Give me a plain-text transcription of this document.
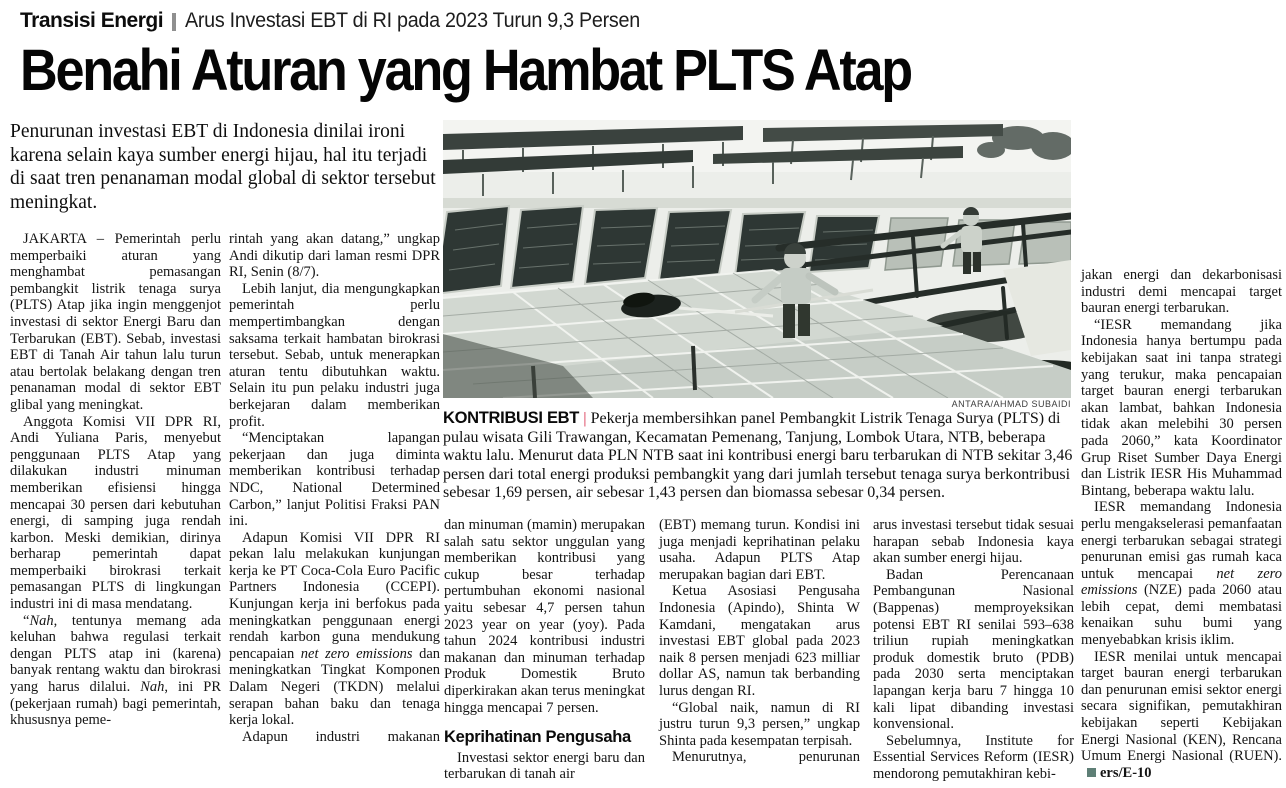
Transisi Energi Arus Investasi EBT di RI pada 2023 Turun 9,3 Persen
Benahi Aturan yang Hambat PLTS Atap
Penurunan investasi EBT di Indonesia dinilai ironi karena selain kaya sumber energi hijau, hal itu terjadi di saat tren penanaman modal global di sektor tersebut meningkat.

JAKARTA – Pemerintah perlu memperbaiki aturan yang menghambat pemasangan pembangkit listrik tenaga surya (PLTS) Atap jika ingin menggenjot investasi di sektor Energi Baru dan Terbarukan (EBT). Sebab, investasi EBT di Tanah Air tahun lalu turun atau bertolak belakang dengan tren penanaman modal di sektor EBT glibal yang meningkat.

Anggota Komisi VII DPR RI, Andi Yuliana Paris, menyebut penggunaan PLTS Atap yang dilakukan industri minuman memberikan efisiensi hingga mencapai 30 persen dari kebutuhan energi, di samping juga rendah karbon. Meski demikian, dirinya berharap pemerintah dapat memperbaiki birokrasi terkait pemasangan PLTS di lingkungan industri ini di masa mendatang.

“Nah, tentunya memang ada keluhan bahwa regulasi terkait dengan PLTS atap ini (karena) banyak rentang waktu dan birokrasi yang harus dilalui. Nah, ini PR (pekerjaan rumah) bagi pemerintah, khususnya peme-

rintah yang akan datang,” ungkap Andi dikutip dari laman resmi DPR RI, Senin (8/7).

Lebih lanjut, dia mengungkapkan pemerintah perlu mempertimbangkan dengan saksama terkait hambatan birokrasi tersebut. Sebab, untuk menerapkan aturan tentu dibutuhkan waktu. Selain itu pun pelaku industri juga berkejaran dalam memberikan profit.

“Menciptakan lapangan pekerjaan dan juga diminta memberikan kontribusi terhadap NDC, National Determined Carbon,” lanjut Politisi Fraksi PAN ini.

Adapun Komisi VII DPR RI pekan lalu melakukan kunjungan kerja ke PT Coca-Cola Euro Pacific Partners Indonesia (CCEPI). Kunjungan kerja ini berfokus pada meningkatkan penggunaan energi rendah karbon guna mendukung pencapaian net zero emissions dan meningkatkan Tingkat Komponen Dalam Negeri (TKDN) melalui serapan bahan baku dan tenaga kerja lokal.

Adapun industri makanan

ANTARA/AHMAD SUBAIDI
KONTRIBUSI EBT | Pekerja membersihkan panel Pembangkit Listrik Tenaga Surya (PLTS) di pulau wisata Gili Trawangan, Kecamatan Pemenang, Tanjung, Lombok Utara, NTB, beberapa waktu lalu. Menurut data PLN NTB saat ini kontribusi energi baru terbarukan di NTB sekitar 3,46 persen dari total energi produksi pembangkit yang dari jumlah tersebut tenaga surya berkontribusi sebesar 1,69 persen, air sebesar 1,43 persen dan biomassa sebesar 0,34 persen.

dan minuman (mamin) merupakan salah satu sektor unggulan yang memberikan kontribusi yang cukup besar terhadap pertumbuhan ekonomi nasional yaitu sebesar 4,7 persen tahun 2023 year on year (yoy). Pada tahun 2024 kontribusi industri makanan dan minuman terhadap Produk Domestik Bruto diperkirakan akan terus meningkat hingga mencapai 7 persen.

Keprihatinan Pengusaha

Investasi sektor energi baru dan terbarukan di tanah air

(EBT) memang turun. Kondisi ini juga menjadi keprihatinan pelaku usaha. Adapun PLTS Atap merupakan bagian dari EBT.

Ketua Asosiasi Pengusaha Indonesia (Apindo), Shinta W Kamdani, mengatakan arus investasi EBT global pada 2023 naik 8 persen menjadi 623 milliar dollar AS, namun tak berbanding lurus dengan RI.

“Global naik, namun di RI justru turun 9,3 persen,” ungkap Shinta pada kesempatan terpisah.

Menurutnya, penurunan

arus investasi tersebut tidak sesuai harapan sebab Indonesia kaya akan sumber energi hijau.

Badan Perencanaan Pembangunan Nasional (Bappenas) memproyeksikan potensi EBT RI senilai 593–638 triliun rupiah meningkatkan produk domestik bruto (PDB) pada 2030 serta menciptakan lapangan kerja baru 7 hingga 10 kali lipat dibanding investasi konvensional.

Sebelumnya, Institute for Essential Services Reform (IESR) mendorong pemutakhiran kebi-

jakan energi dan dekarbonisasi industri demi mencapai target bauran energi terbarukan.

“IESR memandang jika Indonesia hanya bertumpu pada kebijakan saat ini tanpa strategi yang terukur, maka pencapaian target bauran energi terbarukan akan lambat, bahkan Indonesia tidak akan melebihi 30 persen pada 2060,” kata Koordinator Grup Riset Sumber Daya Energi dan Listrik IESR His Muhammad Bintang, beberapa waktu lalu.

IESR memandang Indonesia perlu mengakselerasi pemanfaatan energi terbarukan sebagai strategi penurunan emisi gas rumah kaca untuk mencapai net zero emissions (NZE) pada 2060 atau lebih cepat, demi membatasi kenaikan suhu bumi yang menyebabkan krisis iklim.

IESR menilai untuk mencapai target bauran energi terbarukan dan penurunan emisi sektor energi secara signifikan, pemutakhiran kebijakan seperti Kebijakan Energi Nasional (KEN), Rencana Umum Energi Nasional (RUEN).ers/E-10
